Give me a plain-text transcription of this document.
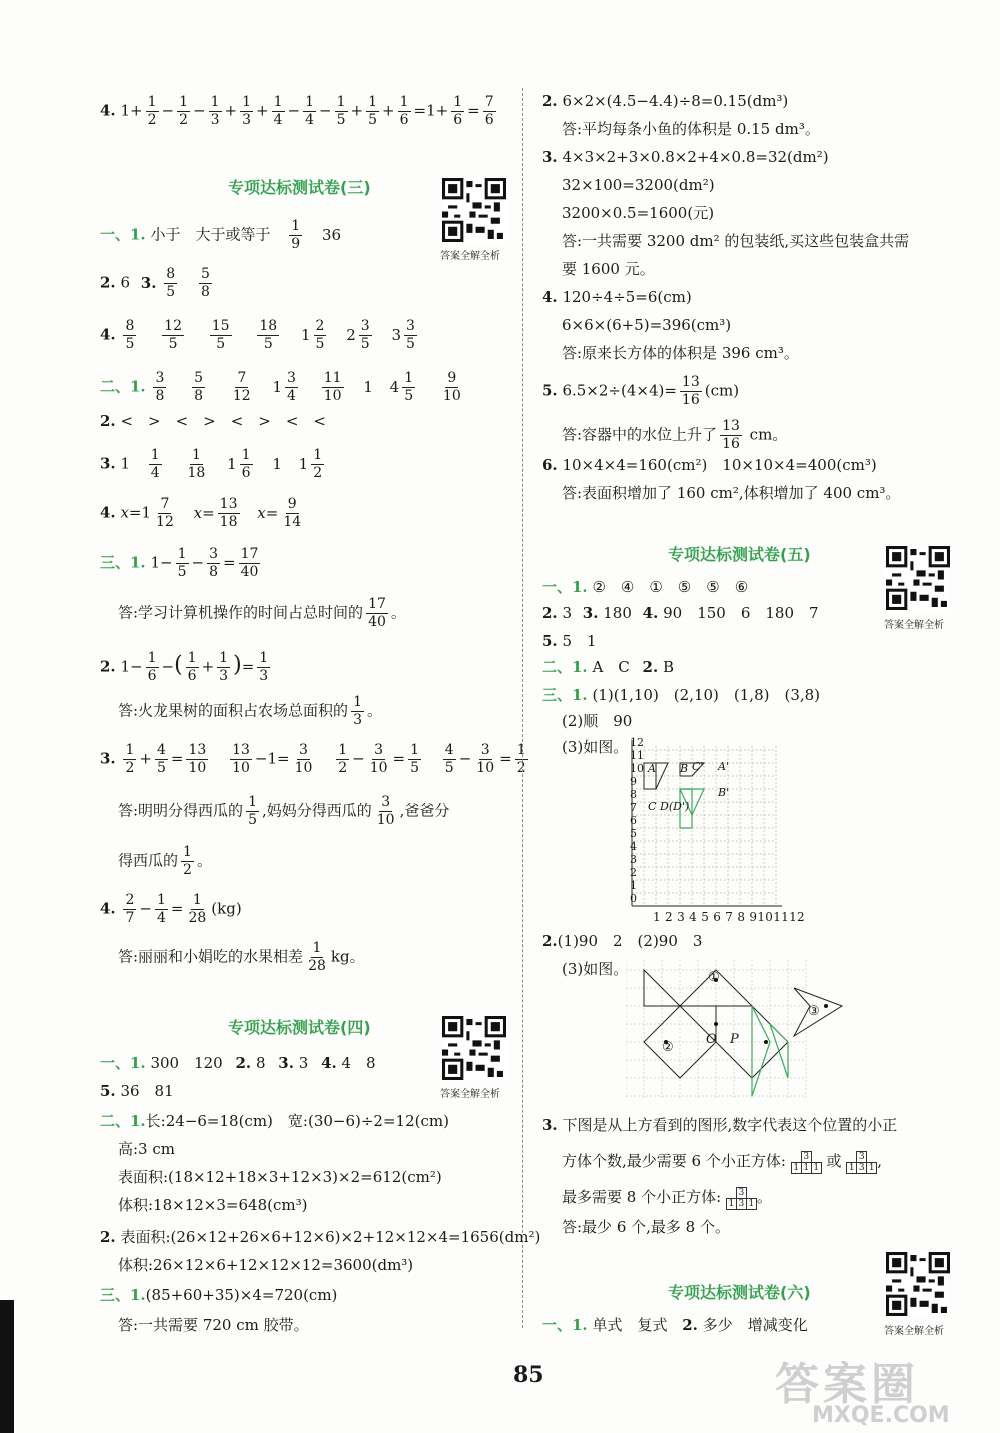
4. $1+ \frac{1}{2} - \frac{1}{2} - \frac{1}{3} + \frac{1}{3} + \frac{1}{4} - \frac{1}{4} - \frac{1}{5} + \frac{1}{5} + \frac{1}{6} =1+ \frac{1}{6} = \frac{7}{6}$
专项达标测试卷(三)
答案全解全析
一、1. 小于　大于或等于 $\frac{1}{9} 36$
2. 6 3. $\frac{8}{5}$
$\frac{5}{8}$
4. $\frac{8}{5}$
$\frac{12}{5}$
$\frac{15}{5}$
$\frac{18}{5} 1 \frac{2}{5} 2 \frac{3}{5} 3 \frac{3}{5}$
二、1. $\frac{3}{8}$
$\frac{5}{8}$
$\frac{7}{12} 1 \frac{3}{4}$
$\frac{11}{10} 1$ $4 \frac{1}{5}$
$\frac{9}{10}$
2. <　>　<　>　<　>　<　<
3. $1 \frac{1}{4}$
$\frac{1}{18} 1 \frac{1}{6} 1$ $1 \frac{1}{2}$
4. $x=1 \frac{7}{12} x= \frac{13}{18} x= \frac{9}{14}$
三、1. $1- \frac{1}{5} - \frac{3}{8} = \frac{17}{40}$
答:学习计算机操作的时间占总时间的 $\frac{17}{40}$ 。
2. $1- \frac{1}{6}$ −( $\frac{1}{6} + \frac{1}{3}$ )= $\frac{1}{3}$
答:火龙果树的面积占农场总面积的 $\frac{1}{3}$ 。
3. $\frac{1}{2} + \frac{4}{5} = \frac{13}{10}$
$\frac{13}{10} -1= \frac{3}{10}$
$\frac{1}{2} - \frac{3}{10} = \frac{1}{5}$
$\frac{4}{5} - \frac{3}{10} = \frac{1}{2}$
答:明明分得西瓜的 $\frac{1}{5}$ ,妈妈分得西瓜的 $\frac{3}{10}$ ,爸爸分
得西瓜的 $\frac{1}{2}$ 。
4. $\frac{2}{7} - \frac{1}{4} = \frac{1}{28} (kg)$
答:丽丽和小娟吃的水果相差 $\frac{1}{28}$ kg。
专项达标测试卷(四)
答案全解全析
一、1. 300　120 2. 8 3. 3 4. 4　8
5. 36　81
二、1.长:24−6=18(cm)　宽:(30−6)÷2=12(cm)
高:3 cm
表面积:(18×12+18×3+12×3)×2=612(cm²)
体积:18×12×3=648(cm³)
2. 表面积:(26×12+26×6+12×6)×2+12×12×4=1656(dm²)
体积:26×12×6+12×12×12=3600(dm³)
三、1.(85+60+35)×4=720(cm)
答:一共需要 720 cm 胶带。
2. 6×2×(4.5−4.4)÷8=0.15(dm³)
答:平均每条小鱼的体积是 0.15 dm³。
3. 4×3×2+3×0.8×2+4×0.8=32(dm²)
32×100=3200(dm²)
3200×0.5=1600(元)
答:一共需要 3200 dm² 的包装纸,买这些包装盒共需
要 1600 元。
4. 120÷4÷5=6(cm)
6×6×(6+5)=396(cm³)
答:原来长方体的体积是 396 cm³。
5. $6.5\times 2\div(4\times 4)= \frac{13}{16} (cm)$
答:容器中的水位上升了 $\frac{13}{16}$ cm。
6. 10×4×4=160(cm²)　10×10×4=400(cm³)
答:表面积增加了 160 cm²,体积增加了 400 cm³。
专项达标测试卷(五)
答案全解全析
一、1. ②　④　①　⑤　⑤　⑥
2. 3 3. 180 4. 90　150　6　180　7
5. 5　1
二、1. A　C 2. B
三、1. (1)(1,10)　(2,10)　(1,8)　(3,8)
(2)顺　90
(3)如图。 12
11
10
9
8
7
6
5
4
3
2
1
0
1 2 3 4 5 6 7 8 9101112
A B C' A'
B'
C D(D')
2.(1)90　2　(2)90　3
(3)如图。	①
②
③
O P
3. 下图是从上方看到的图形,数字代表这个位置的小正
方体个数,最少需要 6 个小正方体:	3	
1	1	1 或	3	
1	3	1 ,
最多需要 8 个小正方体:	3	
1	3	1 。
答:最少 6 个,最多 8 个。
专项达标测试卷(六)
答案全解全析
一、1. 单式　复式 2. 多少　增减变化
85	答案圈
MXQE.COM
